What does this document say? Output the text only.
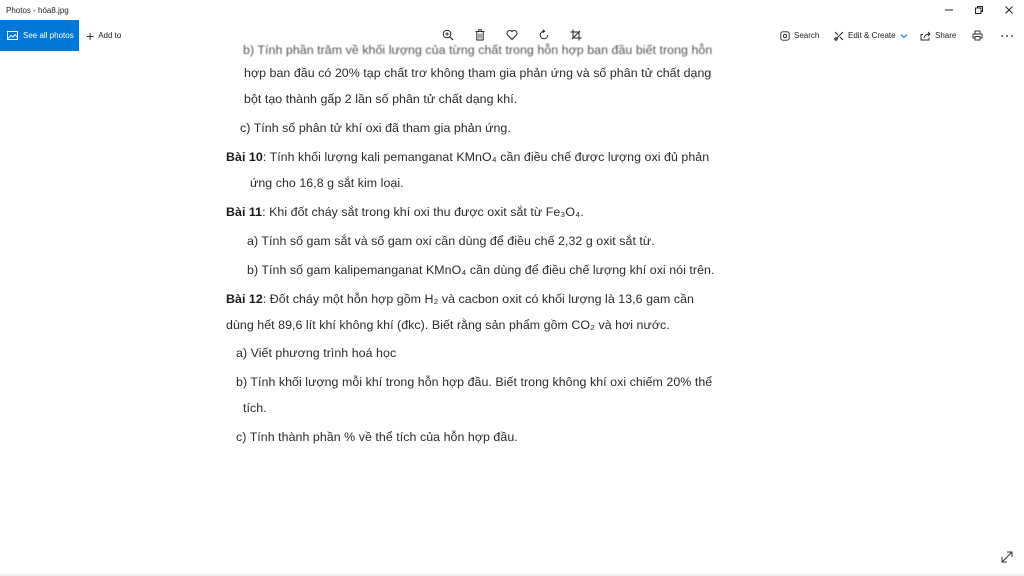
Photos - hóa8.jpg
See all photos + Add to	Search	Edit & Create	Share
b) Tính phần trăm về khối lượng của từng chất trong hỗn hợp ban đầu biết trong hỗn
hợp ban đầu có 20% tạp chất trơ không tham gia phản ứng và số phân tử chất dạng
bột tạo thành gấp 2 lần số phân tử chất dạng khí.
c) Tính số phân tử khí oxi đã tham gia phản ứng.
Bài 10: Tính khối lượng kali pemanganat KMnO₄ cần điều chế được lượng oxi đủ phản
ứng cho 16,8 g sắt kim loại.
Bài 11: Khi đốt cháy sắt trong khí oxi thu được oxit sắt từ Fe₃O₄.
a) Tính số gam sắt và số gam oxi cần dùng để điều chế 2,32 g oxit sắt từ.
b) Tính số gam kalipemanganat KMnO₄ cần dùng để điều chế lượng khí oxi nói trên.
Bài 12: Đốt cháy một hỗn hợp gồm H₂ và cacbon oxit có khối lượng là 13,6 gam cần
dùng hết 89,6 lít khí không khí (đkc). Biết rằng sản phẩm gồm CO₂ và hơi nước.
a) Viết phương trình hoá học
b) Tính khối lượng mỗi khí trong hỗn hợp đầu. Biết trong không khí oxi chiếm 20% thể
tích.
c) Tính thành phần % về thể tích của hỗn hợp đầu.
